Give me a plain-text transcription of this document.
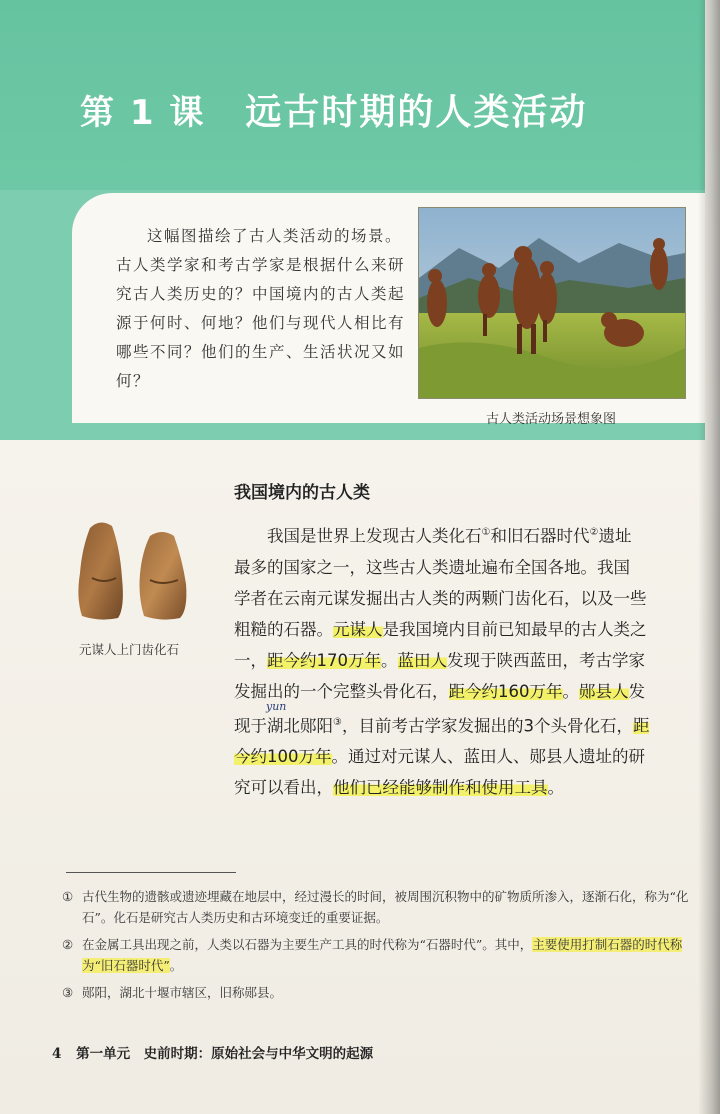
第 1 课 远古时期的人类活动
这幅图描绘了古人类活动的场景。古人类学家和考古学家是根据什么来研究古人类历史的？中国境内的古人类起源于何时、何地？他们与现代人相比有哪些不同？他们的生产、生活状况又如何？
古人类活动场景想象图
我国境内的古人类
元谋人上门齿化石
我国是世界上发现古人类化石①和旧石器时代②遗址
最多的国家之一，这些古人类遗址遍布全国各地。我国
学者在云南元谋发掘出古人类的两颗门齿化石，以及一些
粗糙的石器。元谋人是我国境内目前已知最早的古人类之
一，距今约170万年。蓝田人发现于陕西蓝田，考古学家
发掘出的一个完整头骨化石，距今约160万年。郧县人发
现于湖北郧阳③，目前考古学家发掘出的3个头骨化石，距
今约100万年。通过对元谋人、蓝田人、郧县人遗址的研
究可以看出，他们已经能够制作和使用工具。
yun
① 古代生物的遗骸或遗迹埋藏在地层中，经过漫长的时间，被周围沉积物中的矿物质所渗入，逐渐石化，称为“化石”。化石是研究古人类历史和古环境变迁的重要证据。
② 在金属工具出现之前，人类以石器为主要生产工具的时代称为“石器时代”。其中，主要使用打制石器的时代称为“旧石器时代”。
③ 郧阳，湖北十堰市辖区，旧称郧县。
4 第一单元　史前时期：原始社会与中华文明的起源
